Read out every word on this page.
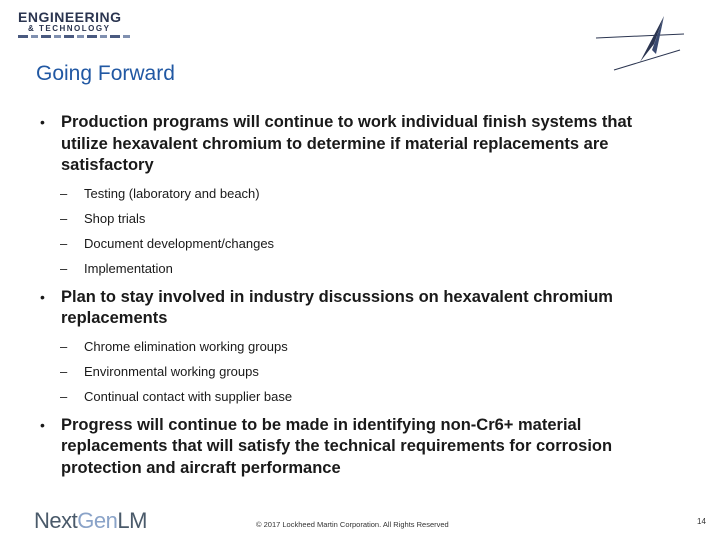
ENGINEERING
& TECHNOLOGY
Going Forward

• Production programs will continue to work individual finish systems that utilize hexavalent chromium to determine if material replacements are satisfactory

– Testing (laboratory and beach)

– Shop trials

– Document development/changes

– Implementation

• Plan to stay involved in industry discussions on hexavalent chromium replacements

– Chrome elimination working groups

– Environmental working groups

– Continual contact with supplier base

• Progress will continue to be made in identifying non-Cr6+ material replacements that will satisfy the technical requirements for corrosion protection and aircraft performance

NextGenLM	© 2017 Lockheed Martin Corporation. All Rights Reserved	14
